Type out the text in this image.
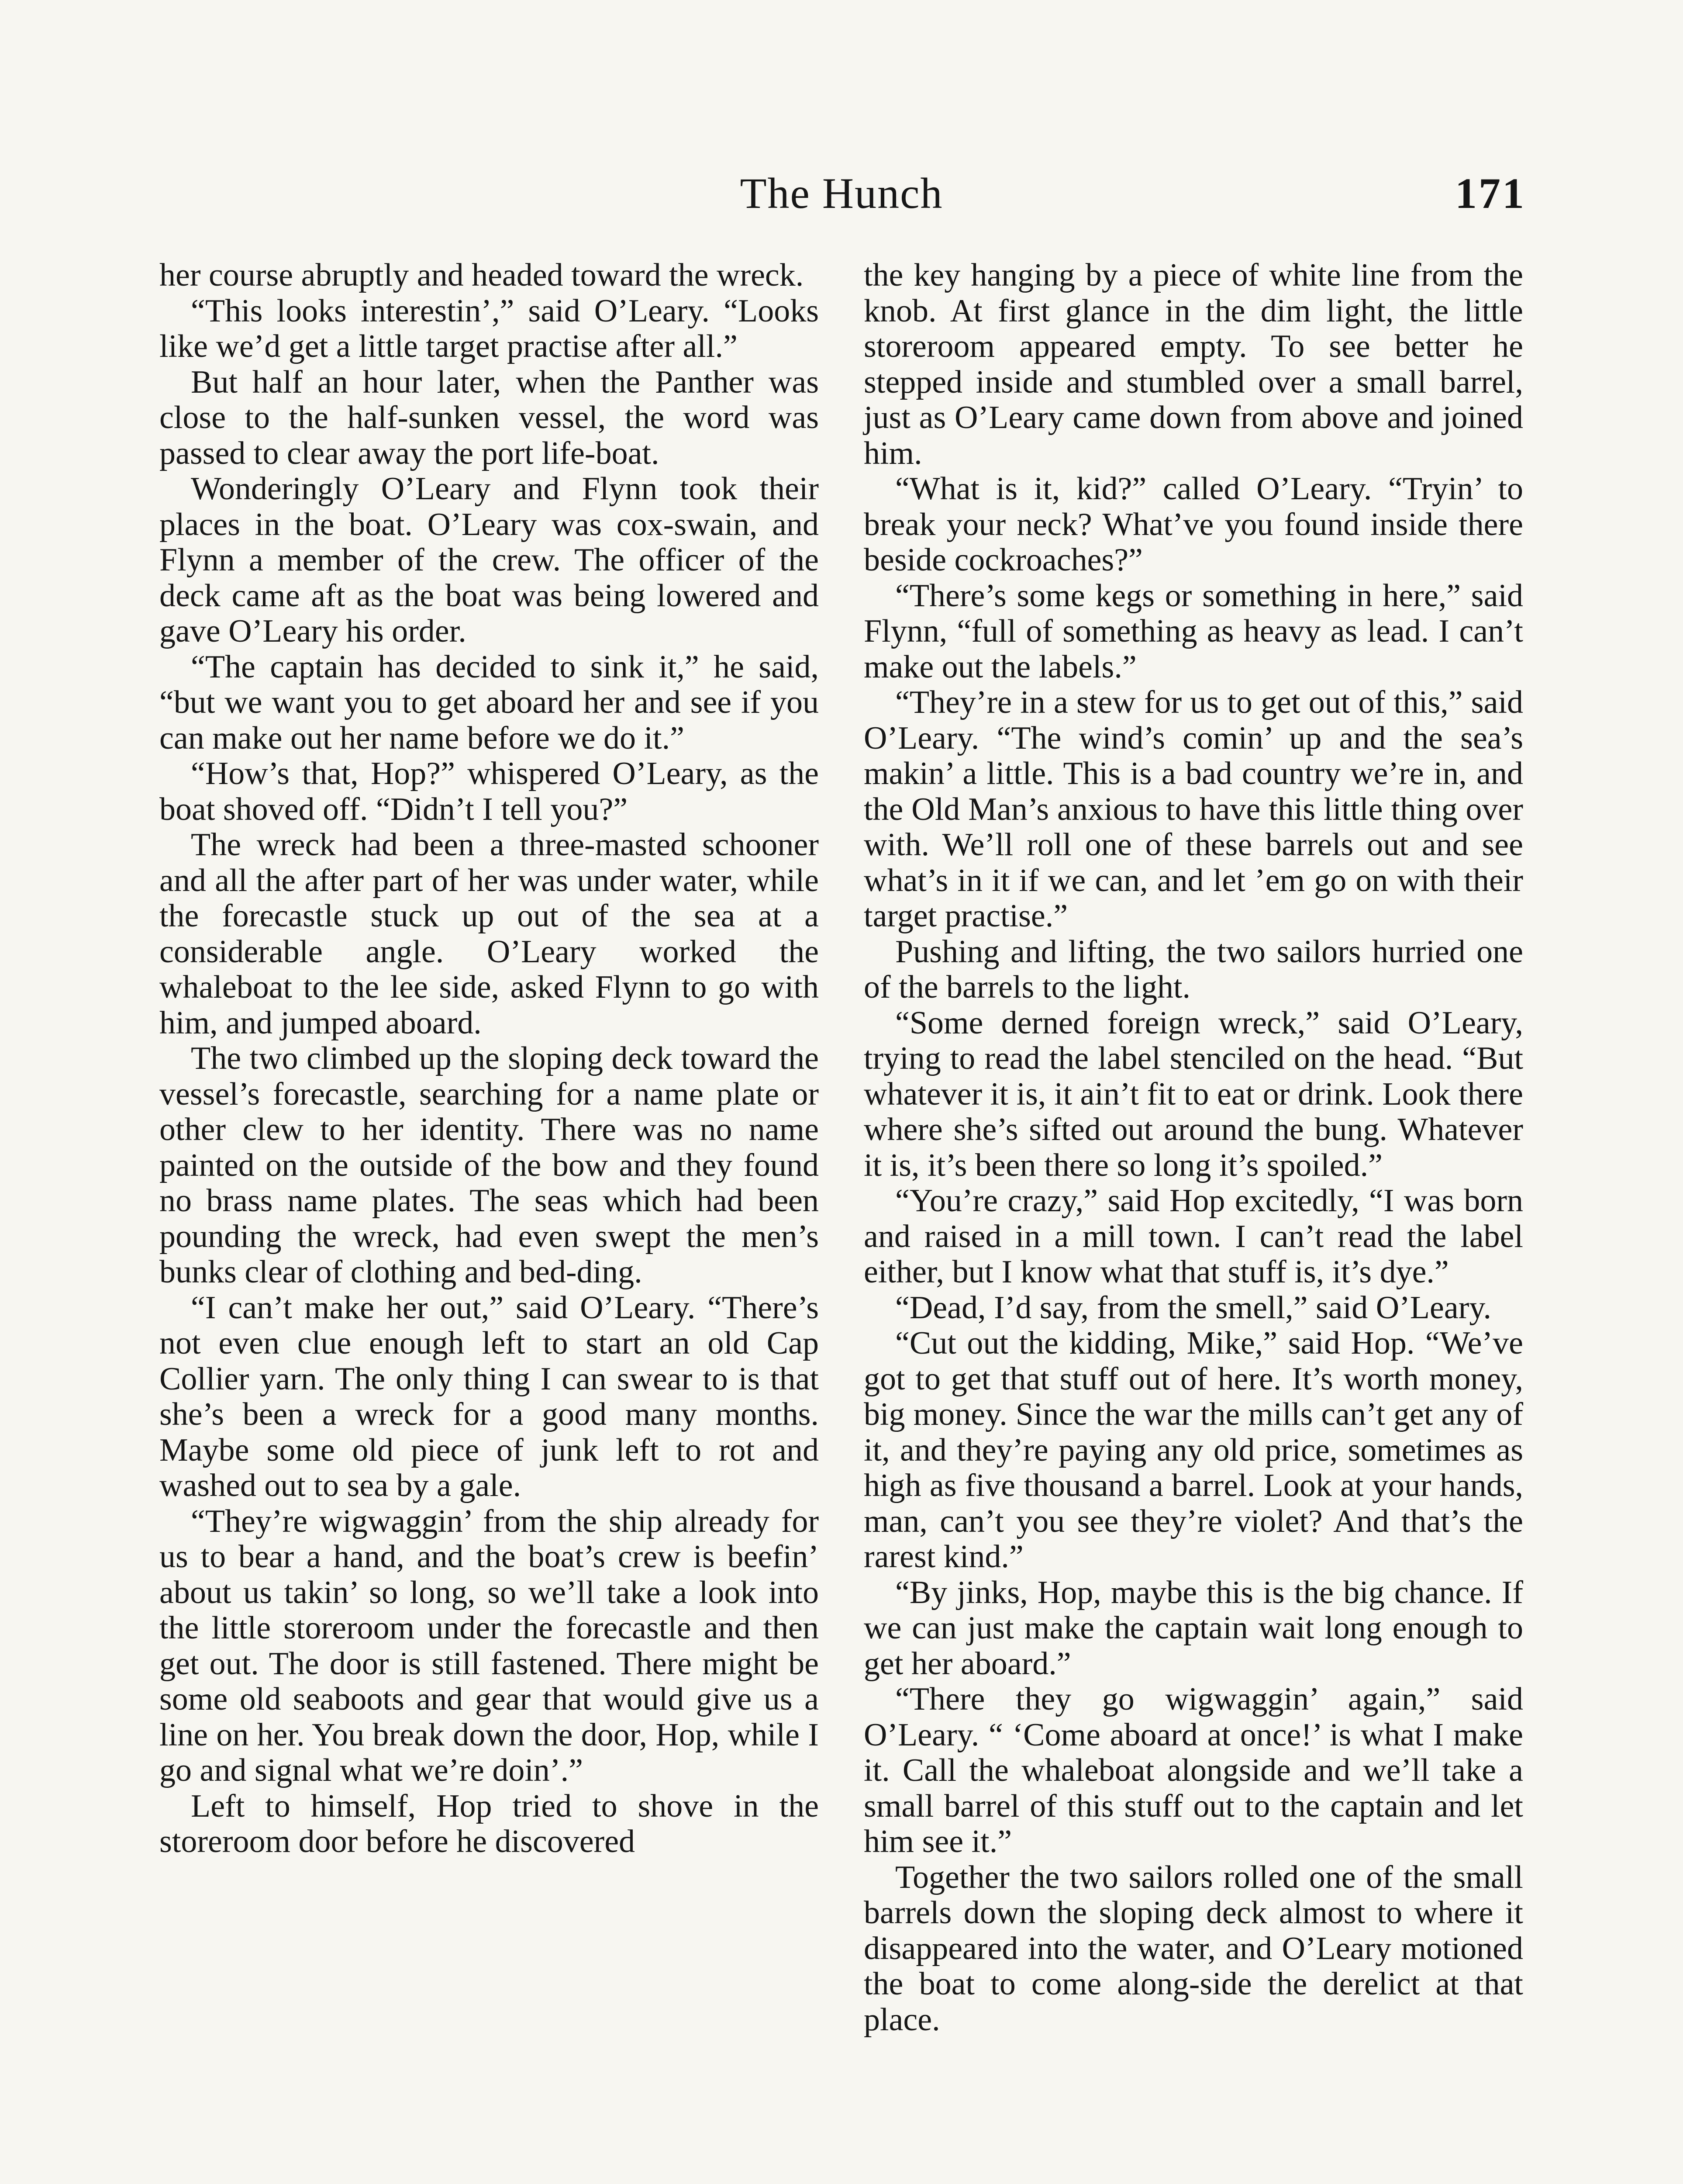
The Hunch	171

her course abruptly and headed toward the wreck.

“This looks interestin’,” said O’Leary. “Looks like we’d get a little target practise after all.”

But half an hour later, when the Panther was close to the half-sunken vessel, the word was passed to clear away the port life-boat.

Wonderingly O’Leary and Flynn took their places in the boat. O’Leary was cox-swain, and Flynn a member of the crew. The officer of the deck came aft as the boat was being lowered and gave O’Leary his order.

“The captain has decided to sink it,” he said, “but we want you to get aboard her and see if you can make out her name before we do it.”

“How’s that, Hop?” whispered O’Leary, as the boat shoved off. “Didn’t I tell you?”

The wreck had been a three-masted schooner and all the after part of her was under water, while the forecastle stuck up out of the sea at a considerable angle. O’Leary worked the whaleboat to the lee side, asked Flynn to go with him, and jumped aboard.

The two climbed up the sloping deck toward the vessel’s forecastle, searching for a name plate or other clew to her identity. There was no name painted on the outside of the bow and they found no brass name plates. The seas which had been pounding the wreck, had even swept the men’s bunks clear of clothing and bed-ding.

“I can’t make her out,” said O’Leary. “There’s not even clue enough left to start an old Cap Collier yarn. The only thing I can swear to is that she’s been a wreck for a good many months. Maybe some old piece of junk left to rot and washed out to sea by a gale.

“They’re wigwaggin’ from the ship already for us to bear a hand, and the boat’s crew is beefin’ about us takin’ so long, so we’ll take a look into the little storeroom under the forecastle and then get out. The door is still fastened. There might be some old seaboots and gear that would give us a line on her. You break down the door, Hop, while I go and signal what we’re doin’.”

Left to himself, Hop tried to shove in the storeroom door before he discovered

the key hanging by a piece of white line from the knob. At first glance in the dim light, the little storeroom appeared empty. To see better he stepped inside and stumbled over a small barrel, just as O’Leary came down from above and joined him.

“What is it, kid?” called O’Leary. “Tryin’ to break your neck? What’ve you found inside there beside cockroaches?”

“There’s some kegs or something in here,” said Flynn, “full of something as heavy as lead. I can’t make out the labels.”

“They’re in a stew for us to get out of this,” said O’Leary. “The wind’s comin’ up and the sea’s makin’ a little. This is a bad country we’re in, and the Old Man’s anxious to have this little thing over with. We’ll roll one of these barrels out and see what’s in it if we can, and let ’em go on with their target practise.”

Pushing and lifting, the two sailors hurried one of the barrels to the light.

“Some derned foreign wreck,” said O’Leary, trying to read the label stenciled on the head. “But whatever it is, it ain’t fit to eat or drink. Look there where she’s sifted out around the bung. Whatever it is, it’s been there so long it’s spoiled.”

“You’re crazy,” said Hop excitedly, “I was born and raised in a mill town. I can’t read the label either, but I know what that stuff is, it’s dye.”

“Dead, I’d say, from the smell,” said O’Leary.

“Cut out the kidding, Mike,” said Hop. “We’ve got to get that stuff out of here. It’s worth money, big money. Since the war the mills can’t get any of it, and they’re paying any old price, sometimes as high as five thousand a barrel. Look at your hands, man, can’t you see they’re violet? And that’s the rarest kind.”

“By jinks, Hop, maybe this is the big chance. If we can just make the captain wait long enough to get her aboard.”

“There they go wigwaggin’ again,” said O’Leary. “ ‘Come aboard at once!’ is what I make it. Call the whaleboat alongside and we’ll take a small barrel of this stuff out to the captain and let him see it.”

Together the two sailors rolled one of the small barrels down the sloping deck almost to where it disappeared into the water, and O’Leary motioned the boat to come along-side the derelict at that place.
